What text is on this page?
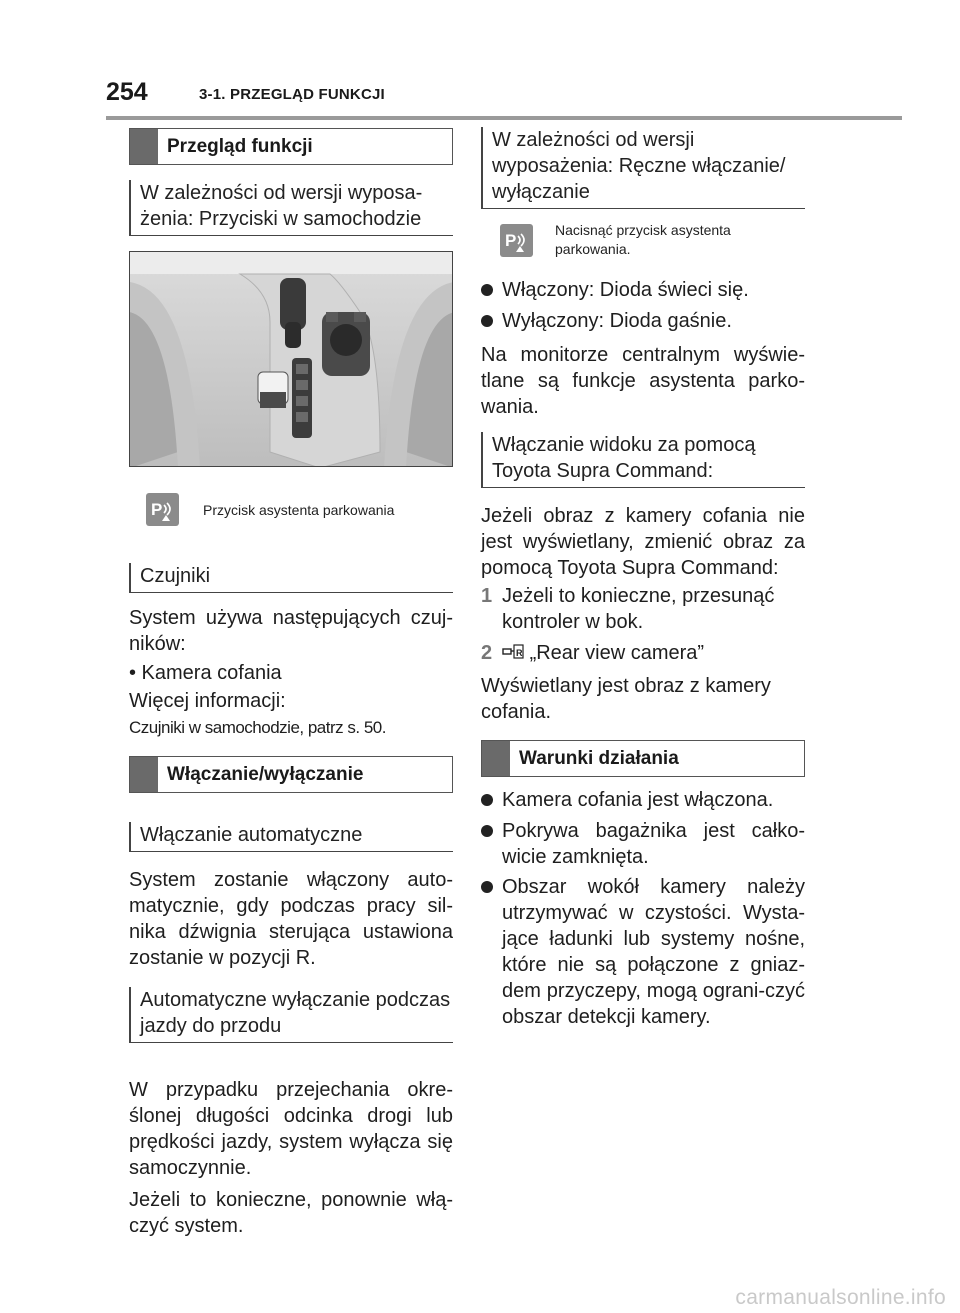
254	3-1. PRZEGLĄD FUNKCJI
Przegląd funkcji
W zależności od wersji wyposa-żenia: Przyciski w samochodzie
P	Przycisk asystenta parkowania
Czujniki
System używa następujących czuj-ników:
• Kamera cofania
Więcej informacji:
Czujniki w samochodzie, patrz s. 50.
Włączanie/wyłączanie
Włączanie automatyczne
System zostanie włączony auto-matycznie, gdy podczas pracy sil-nika dźwignia sterująca ustawiona zostanie w pozycji R.
Automatyczne wyłączanie podczas jazdy do przodu
W przypadku przejechania okre-ślonej długości odcinka drogi lub prędkości jazdy, system wyłącza się samoczynnie.
Jeżeli to konieczne, ponownie włą-czyć system.
W zależności od wersji wyposażenia: Ręczne włączanie/ wyłączanie
P
Nacisnąć przycisk asystenta parkowania.
Włączony: Dioda świeci się.
Wyłączony: Dioda gaśnie.
Na monitorze centralnym wyświe-tlane są funkcje asystenta parko-wania.
Włączanie widoku za pomocą Toyota Supra Command:
Jeżeli obraz z kamery cofania nie jest wyświetlany, zmienić obraz za pomocą Toyota Supra Command:
1 Jeżeli to konieczne, przesunąć kontroler w bok.
2	R „Rear view camera”
Wyświetlany jest obraz z kamery cofania.
Warunki działania
Kamera cofania jest włączona.
Pokrywa bagażnika jest całko-wicie zamknięta.
Obszar wokół kamery należy utrzymywać w czystości. Wysta-jące ładunki lub systemy nośne, które nie są połączone z gniaz-dem przyczepy, mogą ograni-czyć obszar detekcji kamery.
carmanualsonline.info
